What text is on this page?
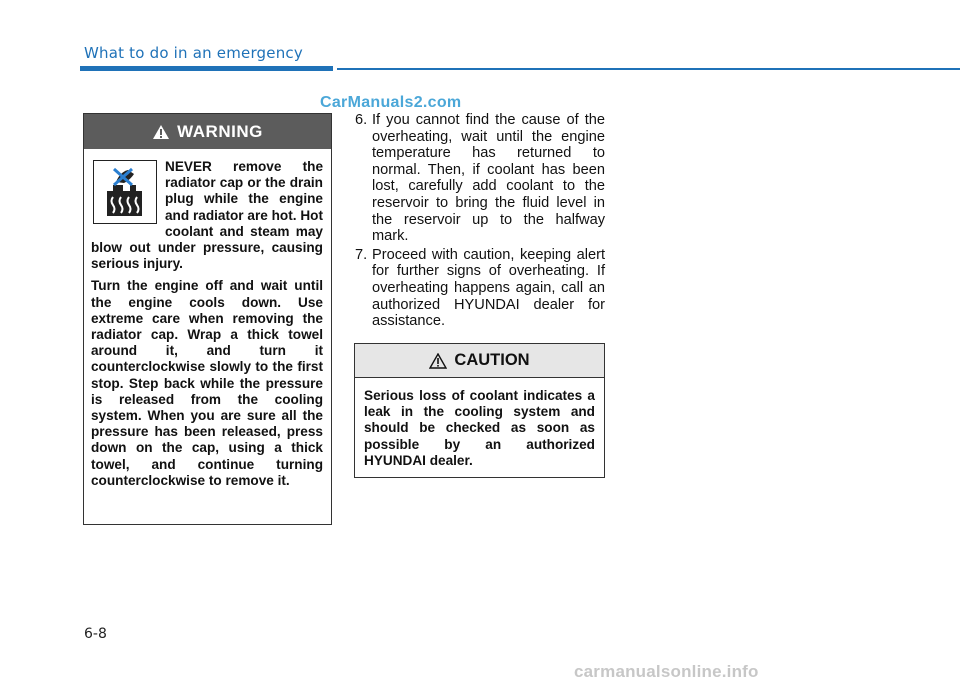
What to do in an emergency
CarManuals2.com
WARNING

NEVER remove the radiator cap or the drain plug while the engine and radiator are hot. Hot coolant and steam may blow out under pressure, causing serious injury.

Turn the engine off and wait until the engine cools down. Use extreme care when removing the radiator cap. Wrap a thick towel around it, and turn it counterclockwise slowly to the first stop. Step back while the pressure is released from the cooling system. When you are sure all the pressure has been released, press down on the cap, using a thick towel, and continue turning counterclockwise to remove it.

6. If you cannot find the cause of the overheating, wait until the engine temperature has returned to normal. Then, if coolant has been lost, carefully add coolant to the reservoir to bring the fluid level in the reservoir up to the halfway mark.
7. Proceed with caution, keeping alert for further signs of overheating. If overheating happens again, call an authorized HYUNDAI dealer for assistance.
CAUTION
Serious loss of coolant indicates a leak in the cooling system and should be checked as soon as possible by an authorized HYUNDAI dealer.
6-8
carmanualsonline.info
